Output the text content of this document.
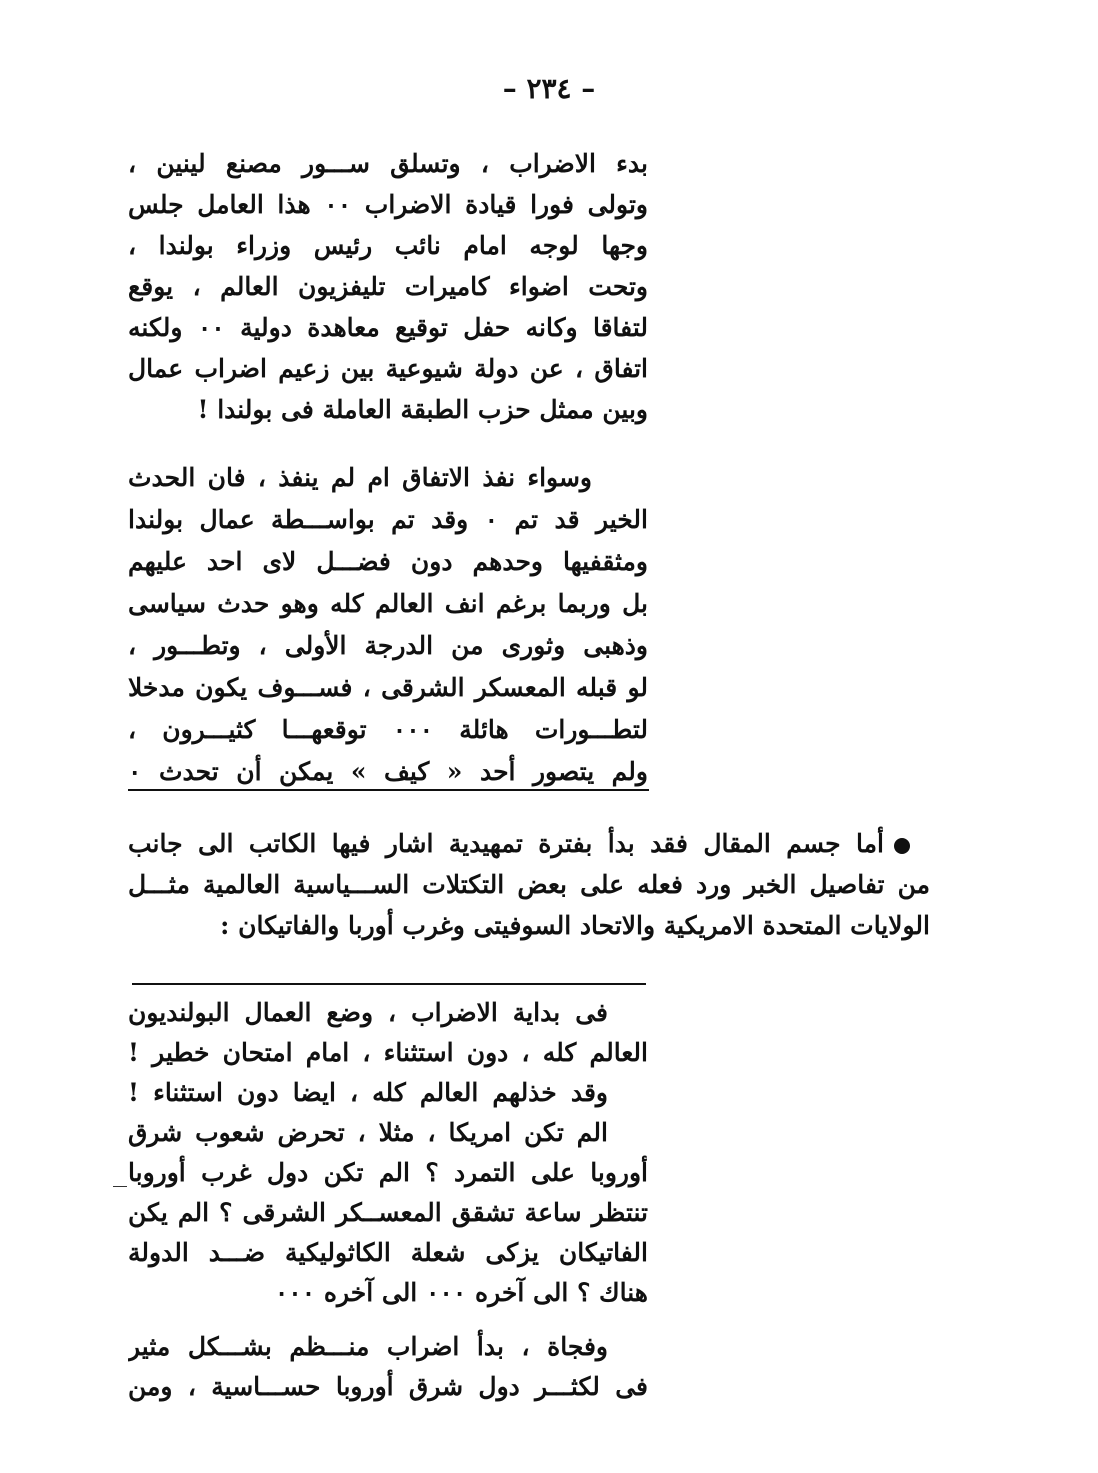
– ٢٣٤ –
بدء الاضراب ، وتسلق ســـور مصنع لينين ،
وتولى فورا قيادة الاضراب ٠٠ هذا العامل جلس
وجها لوجه امام نائب رئيس وزراء بولندا ،
وتحت اضواء كاميرات تليفزيون العالم ، يوقع
لتفاقا وكانه حفل توقيع معاهدة دولية ٠٠ ولكنه
اتفاق ، عن دولة شيوعية بين زعيم اضراب عمال
وبين ممثل حزب الطبقة العاملة فى بولندا !
وسواء نفذ الاتفاق ام لم ينفذ ، فان الحدث
الخير قد تم ٠ وقد تم بواســـطة عمال بولندا
ومثقفيها وحدهم دون فضـــل لاى احد عليهم
بل وربما برغم انف العالم كله وهو حدث سياسى
وذهبى وثورى من الدرجة الأولى ، وتطـــور ،
لو قبله المعسكر الشرقى ، فســـوف يكون مدخلا
لتطـــورات هائلة ٠٠٠ توقعهـــا كثيـــرون ،
ولم يتصور أحد « كيف » يمكن أن تحدث ٠
أما جسم المقال فقد بدأ بفترة تمهيدية اشار فيها الكاتب الى جانب
من تفاصيل الخبر ورد فعله على بعض التكتلات الســـياسية العالمية مثـــل
الولايات المتحدة الامريكية والاتحاد السوفيتى وغرب أوربا والفاتيكان :
فى بداية الاضراب ، وضع العمال البولنديون
العالم كله ، دون استثناء ، امام امتحان خطير !
وقد خذلهم العالم كله ، ايضا دون استثناء !
الم تكن امريكا ، مثلا ، تحرض شعوب شرق
أوروبا على التمرد ؟ الم تكن دول غرب أوروبا
تنتظر ساعة تشقق المعســكر الشرقى ؟ الم يكن
الفاتيكان يزكى شعلة الكاثوليكية ضـــد الدولة
هناك ؟ الى آخره ٠٠٠ الى آخره ٠٠٠
وفجاة ، بدأ اضراب منـــظم بشـــكل مثير
فى لكثـــر دول شرق أوروبا حســـاسية ، ومن
